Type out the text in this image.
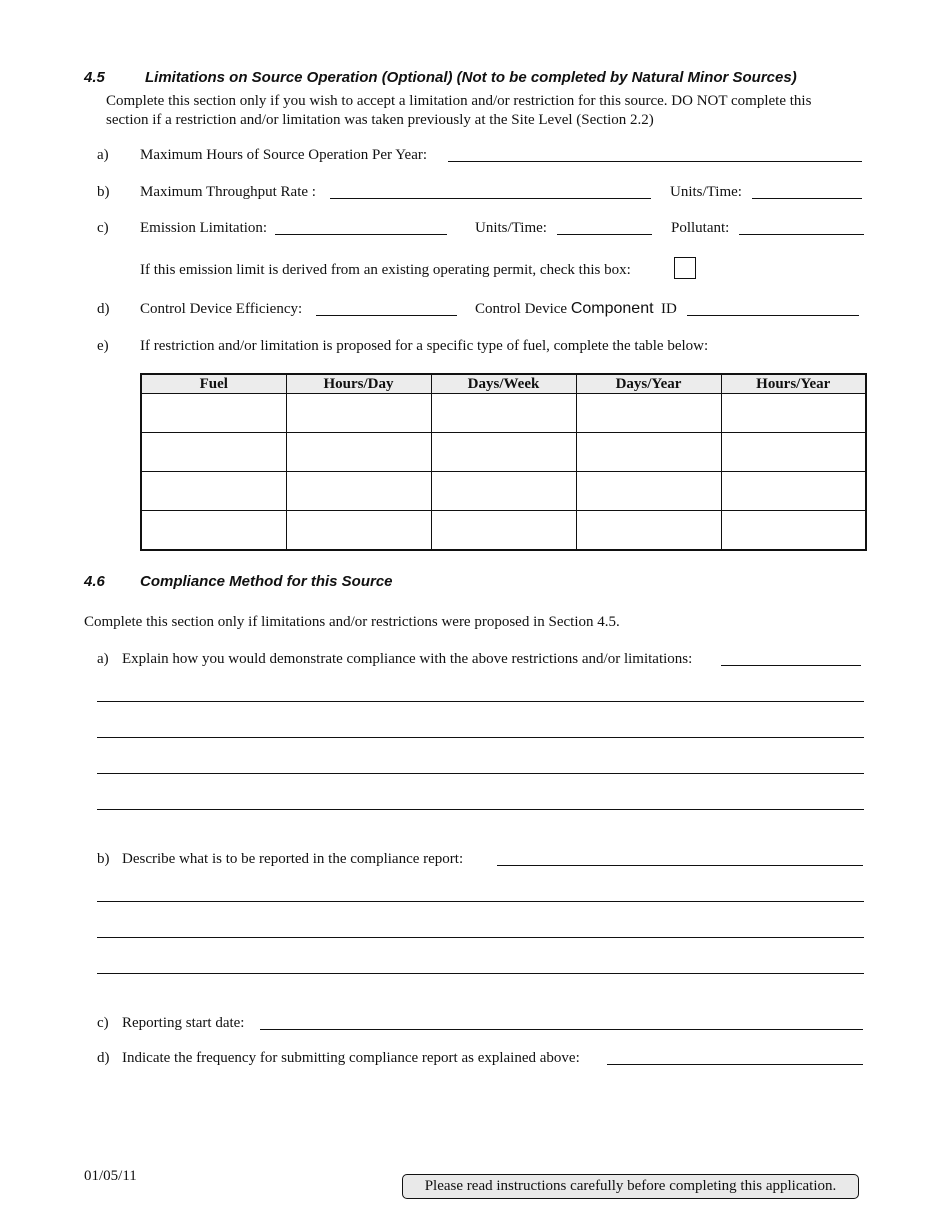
4.5	Limitations on Source Operation (Optional) (Not to be completed by Natural Minor Sources)
Complete this section only if you wish to accept a limitation and/or restriction for this source. DO NOT complete this
section if a restriction and/or limitation was taken previously at the Site Level (Section 2.2)
a) Maximum Hours of Source Operation Per Year:
b) Maximum Throughput Rate :	Units/Time:
c) Emission Limitation:	Units/Time:	Pollutant:
If this emission limit is derived from an existing operating permit, check this box:
d) Control Device Efficiency:	Control Device Component  ID
e) If restriction and/or limitation is proposed for a specific type of fuel, complete the table below:
Fuel	Hours/Day	Days/Week	Days/Year	Hours/Year

4.6 Compliance Method for this Source
Complete this section only if limitations and/or restrictions were proposed in Section 4.5.
a) Explain how you would demonstrate compliance with the above restrictions and/or limitations:
b) Describe what is to be reported in the compliance report:
c) Reporting start date:
d) Indicate the frequency for submitting compliance report as explained above:
01/05/11
Please read instructions carefully before completing this application.
